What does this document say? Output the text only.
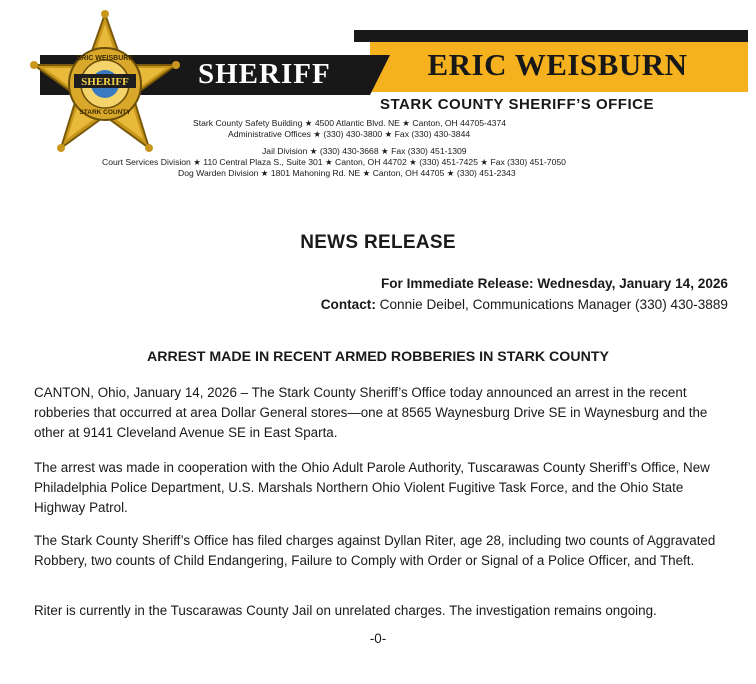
SHERIFF	ERIC WEISBURN
SHERIFF
ERIC WEISBURN
STARK COUNTY	STARK COUNTY SHERIFF’S OFFICE
Stark County Safety Building ★ 4500 Atlantic Blvd. NE ★ Canton, OH 44705-4374
Administrative Offices ★ (330) 430-3800 ★ Fax (330) 430-3844
Jail Division ★ (330) 430-3668 ★ Fax (330) 451-1309
Court Services Division ★ 110 Central Plaza S., Suite 301 ★ Canton, OH 44702 ★ (330) 451-7425 ★ Fax (330) 451-7050
Dog Warden Division ★ 1801 Mahoning Rd. NE ★ Canton, OH 44705 ★ (330) 451-2343
NEWS RELEASE
For Immediate Release: Wednesday, January 14, 2026
Contact: Connie Deibel, Communications Manager (330) 430-3889
ARREST MADE IN RECENT ARMED ROBBERIES IN STARK COUNTY
CANTON, Ohio, January 14, 2026 – The Stark County Sheriff’s Office today announced an arrest in the recent robberies that occurred at area Dollar General stores—one at 8565 Waynesburg Drive SE in Waynesburg and the other at 9141 Cleveland Avenue SE in East Sparta.
The arrest was made in cooperation with the Ohio Adult Parole Authority, Tuscarawas County Sheriff’s Office, New Philadelphia Police Department, U.S. Marshals Northern Ohio Violent Fugitive Task Force, and the Ohio State Highway Patrol.
The Stark County Sheriff’s Office has filed charges against Dyllan Riter, age 28, including two counts of Aggravated Robbery, two counts of Child Endangering, Failure to Comply with Order or Signal of a Police Officer, and Theft.
Riter is currently in the Tuscarawas County Jail on unrelated charges. The investigation remains ongoing.
-0-
